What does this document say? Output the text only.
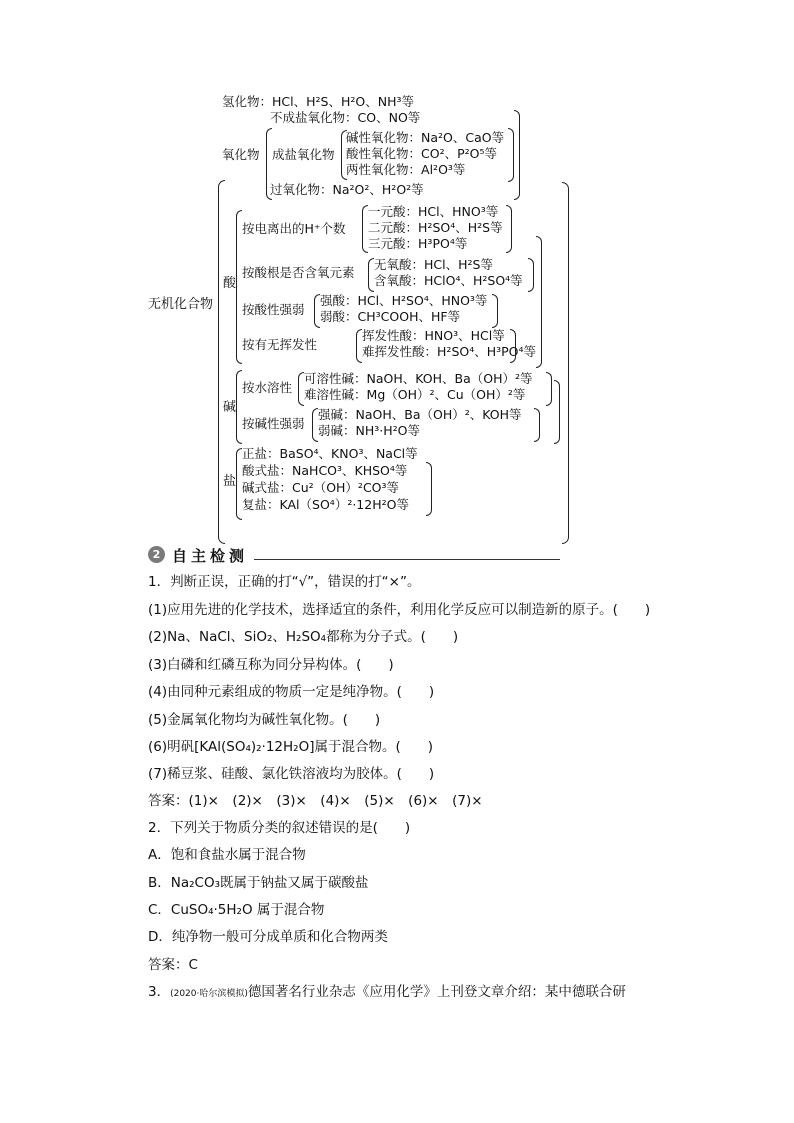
无机化合物
氢化物：HCl、H²S、H²O、NH³等
氧化物
不成盐氧化物：CO、NO等
成盐氧化物
碱性氧化物：Na²O、CaO等
酸性氧化物：CO²、P²O⁵等
两性氧化物：Al²O³等
过氧化物：Na²O²、H²O²等
酸
按电离出的H⁺个数
一元酸：HCl、HNO³等
二元酸：H²SO⁴、H²S等
三元酸：H³PO⁴等
按酸根是否含氧元素
无氧酸：HCl、H²S等
含氧酸：HClO⁴、H²SO⁴等
按酸性强弱
强酸：HCl、H²SO⁴、HNO³等
弱酸：CH³COOH、HF等
按有无挥发性
挥发性酸：HNO³、HCl等
难挥发性酸：H²SO⁴、H³PO⁴等
碱
按水溶性
可溶性碱：NaOH、KOH、Ba（OH）²等
难溶性碱：Mg（OH）²、Cu（OH）²等
按碱性强弱
强碱：NaOH、Ba（OH）²、KOH等
弱碱：NH³·H²O等
盐
正盐：BaSO⁴、KNO³、NaCl等
酸式盐：NaHCO³、KHSO⁴等
碱式盐：Cu²（OH）²CO³等
复盐：KAl（SO⁴）²·12H²O等
2 自主检测
1．判断正误，正确的打“√”，错误的打“×”。
(1)应用先进的化学技术，选择适宜的条件，利用化学反应可以制造新的原子。(　　)
(2)Na、NaCl、SiO₂、H₂SO₄都称为分子式。(　　)
(3)白磷和红磷互称为同分异构体。(　　)
(4)由同种元素组成的物质一定是纯净物。(　　)
(5)金属氧化物均为碱性氧化物。(　　)
(6)明矾[KAl(SO₄)₂·12H₂O]属于混合物。(　　)
(7)稀豆浆、硅酸、氯化铁溶液均为胶体。(　　)
答案：(1)×　(2)×　(3)×　(4)×　(5)×　(6)×　(7)×
2．下列关于物质分类的叙述错误的是(　　)
A．饱和食盐水属于混合物
B．Na₂CO₃既属于钠盐又属于碳酸盐
C．CuSO₄·5H₂O 属于混合物
D．纯净物一般可分成单质和化合物两类
答案：C
3．(2020·哈尔滨模拟)德国著名行业杂志《应用化学》上刊登文章介绍：某中德联合研
